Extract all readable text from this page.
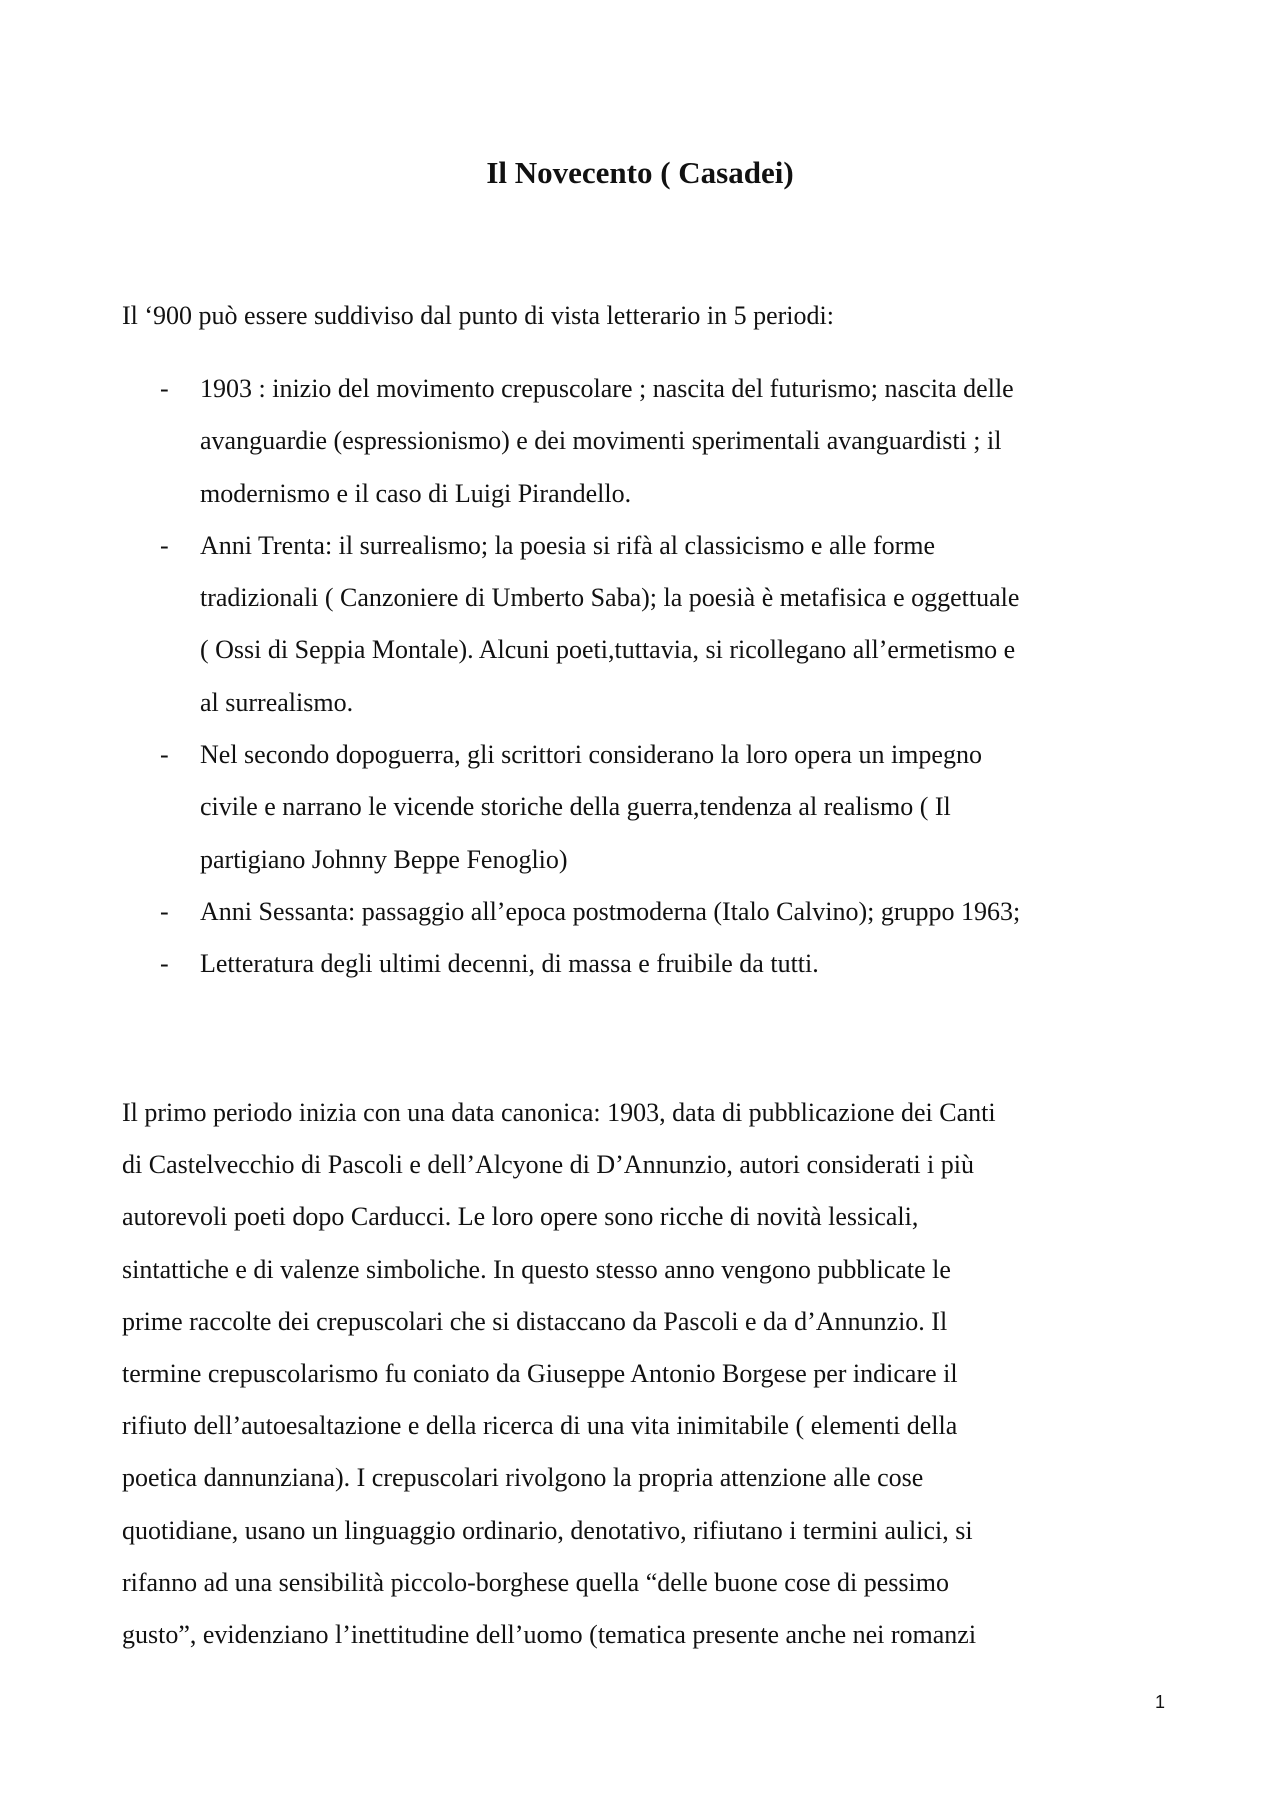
Il Novecento ( Casadei)

Il ‘900 può essere suddiviso dal punto di vista letterario in 5 periodi:

- 1903 : inizio del movimento crepuscolare ; nascita del futurismo; nascita delle
avanguardie (espressionismo) e dei movimenti sperimentali avanguardisti ; il
modernismo e il caso di Luigi Pirandello.
- Anni Trenta: il surrealismo; la poesia si rifà al classicismo e alle forme
tradizionali ( Canzoniere di Umberto Saba); la poesià è metafisica e oggettuale
( Ossi di Seppia Montale). Alcuni poeti,tuttavia, si ricollegano all’ermetismo e
al surrealismo.
- Nel secondo dopoguerra, gli scrittori considerano la loro opera un impegno
civile e narrano le vicende storiche della guerra,tendenza al realismo ( Il
partigiano Johnny Beppe Fenoglio)
- Anni Sessanta: passaggio all’epoca postmoderna (Italo Calvino); gruppo 1963;
- Letteratura degli ultimi decenni, di massa e fruibile da tutti.

Il primo periodo inizia con una data canonica: 1903, data di pubblicazione dei Canti
di Castelvecchio di Pascoli e dell’Alcyone di D’Annunzio, autori considerati i più
autorevoli poeti dopo Carducci. Le loro opere sono ricche di novità lessicali,
sintattiche e di valenze simboliche. In questo stesso anno vengono pubblicate le
prime raccolte dei crepuscolari che si distaccano da Pascoli e da d’Annunzio. Il
termine crepuscolarismo fu coniato da Giuseppe Antonio Borgese per indicare il
rifiuto dell’autoesaltazione e della ricerca di una vita inimitabile ( elementi della
poetica dannunziana). I crepuscolari rivolgono la propria attenzione alle cose
quotidiane, usano un linguaggio ordinario, denotativo, rifiutano i termini aulici, si
rifanno ad una sensibilità piccolo-borghese quella “delle buone cose di pessimo
gusto”, evidenziano l’inettitudine dell’uomo (tematica presente anche nei romanzi

1
